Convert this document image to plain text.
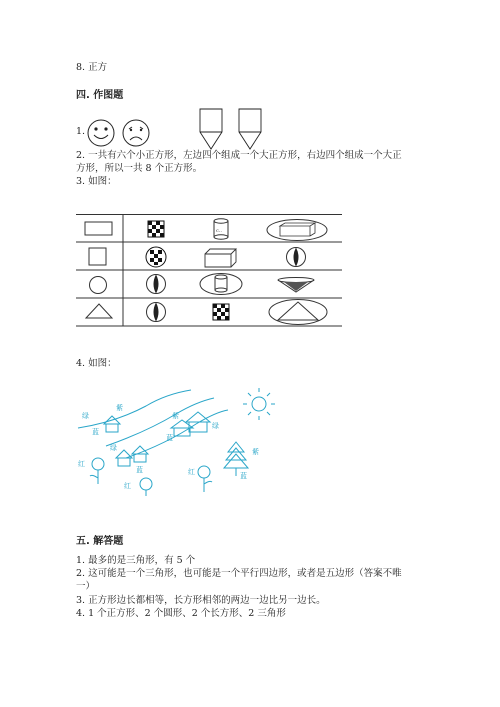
8. 正方
四. 作图题
1.
2. 一共有六个小正方形，左边四个组成一个大正方形，右边四个组成一个大正
方形，所以一共 8 个正方形。
3. 如图：
c..
4. 如图：
绿
紫
蓝
紫
绿
蓝
绿
蓝
红
红
红
紫
蓝
五. 解答题
1. 最多的是三角形，有 5 个
2. 这可能是一个三角形，也可能是一个平行四边形，或者是五边形（答案不唯
一）
3. 正方形边长都相等，长方形相邻的两边一边比另一边长。
4. 1 个正方形、2 个圆形、2 个长方形、2 三角形
